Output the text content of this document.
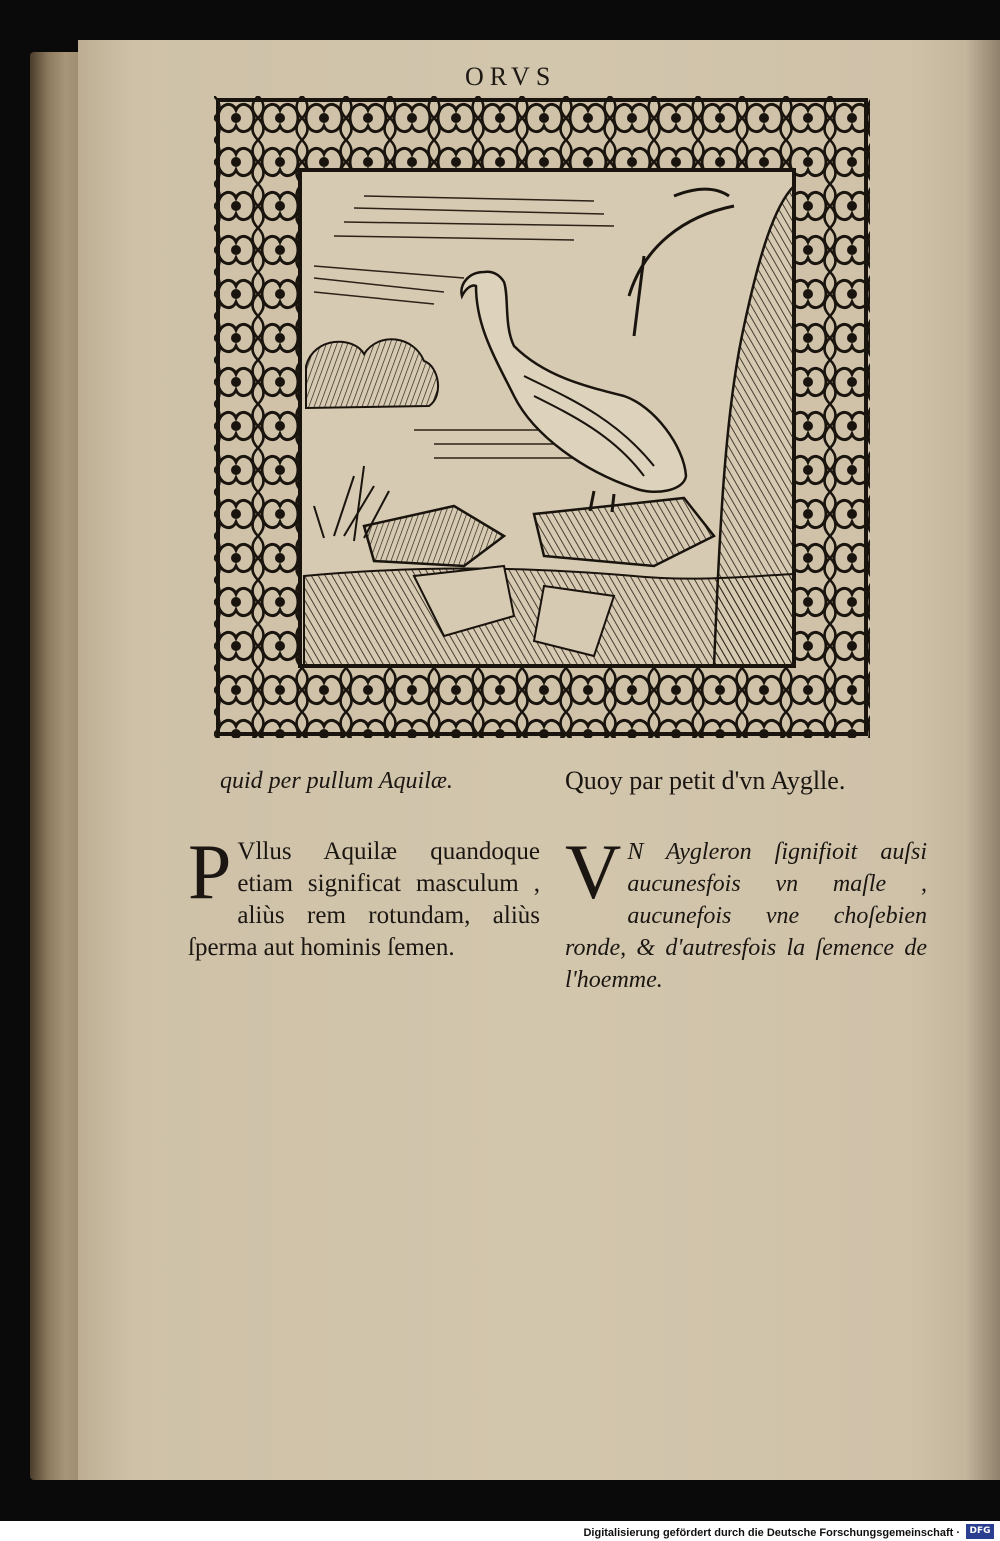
ORVS
quid per pullum Aquilæ.	Quoy par petit d'vn Ayglle.
P Vllus Aquilæ quandoque etiam significat masculum , aliùs rem rotundam, aliùs ſperma aut hominis ſemen.
V N Aygleron ſignifioit auſsi aucunesfois vn maſle , aucunefois vne choſebien ronde, & d'autresfois la ſemence de l'hoemme.
Digitalisierung gefördert durch die Deutsche Forschungsgemeinschaft ·	DFG
